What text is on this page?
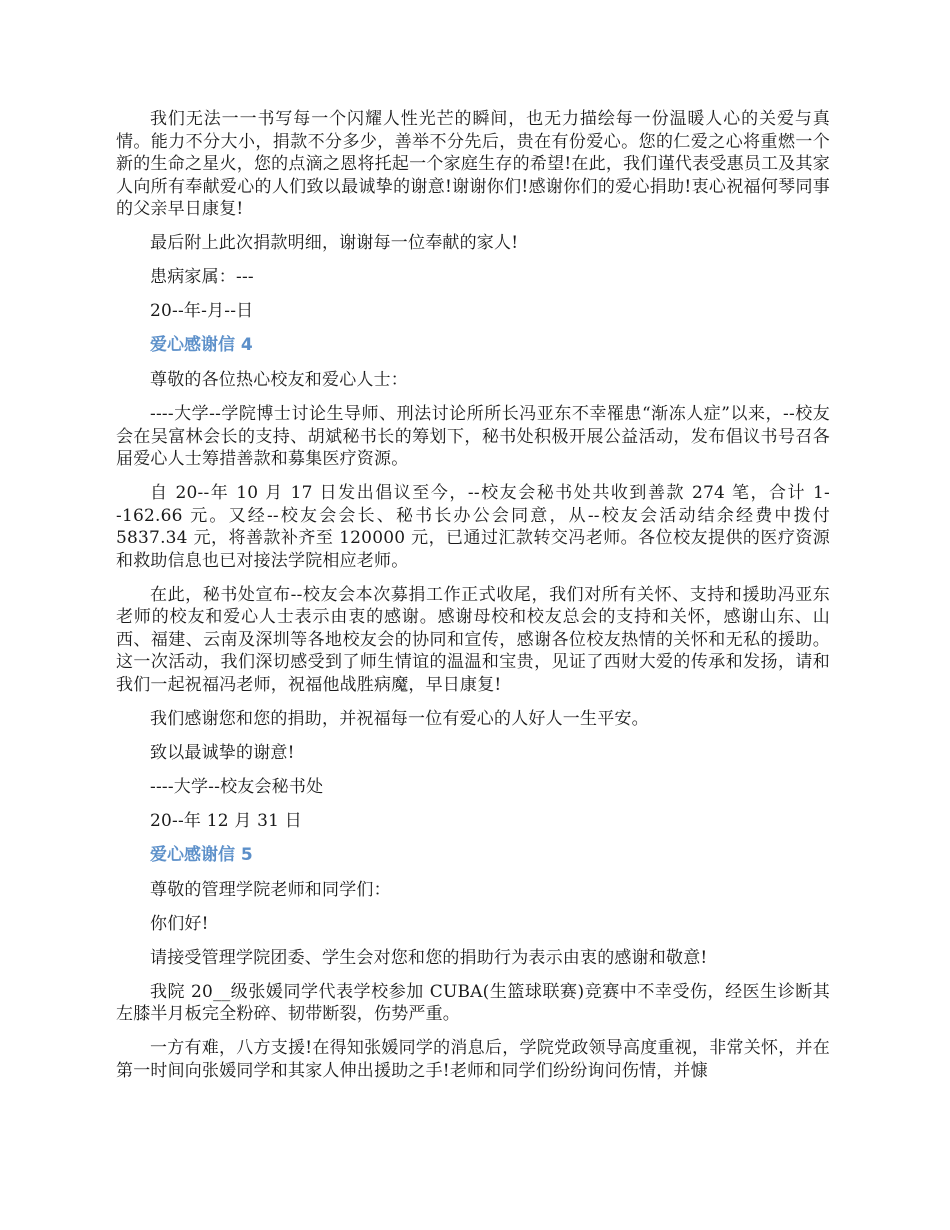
我们无法一一书写每一个闪耀人性光芒的瞬间，也无力描绘每一份温暖人心的关爱与真情。能力不分大小，捐款不分多少，善举不分先后，贵在有份爱心。您的仁爱之心将重燃一个新的生命之星火，您的点滴之恩将托起一个家庭生存的希望!在此，我们谨代表受惠员工及其家人向所有奉献爱心的人们致以最诚挚的谢意!谢谢你们!感谢你们的爱心捐助!衷心祝福何琴同事的父亲早日康复!

最后附上此次捐款明细，谢谢每一位奉献的家人!

患病家属：---

20--年-月--日

爱心感谢信 4

尊敬的各位热心校友和爱心人士：

----大学--学院博士讨论生导师、刑法讨论所所长冯亚东不幸罹患“渐冻人症”以来，--校友会在吴富林会长的支持、胡斌秘书长的筹划下，秘书处积极开展公益活动，发布倡议书号召各届爱心人士筹措善款和募集医疗资源。

自 20--年 10 月 17 日发出倡议至今，--校友会秘书处共收到善款 274 笔，合计 1--162.66 元。又经--校友会会长、秘书长办公会同意，从--校友会活动结余经费中拨付 5837.34 元，将善款补齐至 120000 元，已通过汇款转交冯老师。各位校友提供的医疗资源和救助信息也已对接法学院相应老师。

在此，秘书处宣布--校友会本次募捐工作正式收尾，我们对所有关怀、支持和援助冯亚东老师的校友和爱心人士表示由衷的感谢。感谢母校和校友总会的支持和关怀，感谢山东、山西、福建、云南及深圳等各地校友会的协同和宣传，感谢各位校友热情的关怀和无私的援助。这一次活动，我们深切感受到了师生情谊的温温和宝贵，见证了西财大爱的传承和发扬，请和我们一起祝福冯老师，祝福他战胜病魔，早日康复!

我们感谢您和您的捐助，并祝福每一位有爱心的人好人一生平安。

致以最诚挚的谢意!

----大学--校友会秘书处

20--年 12 月 31 日

爱心感谢信 5

尊敬的管理学院老师和同学们：

你们好!

请接受管理学院团委、学生会对您和您的捐助行为表示由衷的感谢和敬意!

我院 20__级张媛同学代表学校参加 CUBA(生篮球联赛)竞赛中不幸受伤，经医生诊断其左膝半月板完全粉碎、韧带断裂，伤势严重。

一方有难，八方支援!在得知张媛同学的消息后，学院党政领导高度重视，非常关怀，并在第一时间向张媛同学和其家人伸出援助之手!老师和同学们纷纷询问伤情，并慷
